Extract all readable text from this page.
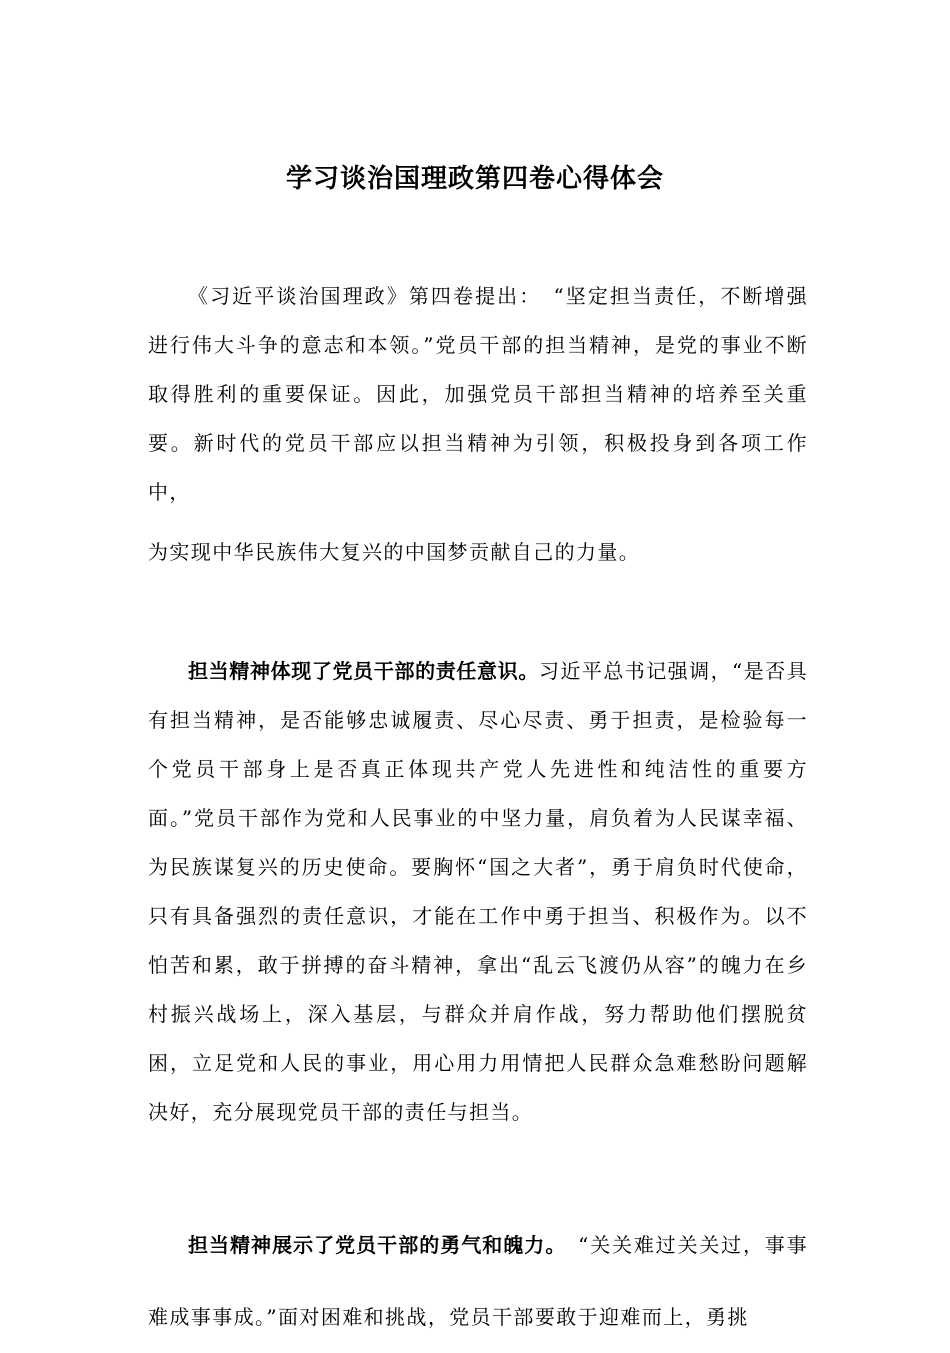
学习谈治国理政第四卷心得体会
《习近平谈治国理政》第四卷提出：　“坚定担当责任，不断增强进行伟大斗争的意志和本领。”党员干部的担当精神，是党的事业不断取得胜利的重要保证。因此，加强党员干部担当精神的培养至关重要。新时代的党员干部应以担当精神为引领，积极投身到各项工作中，
为实现中华民族伟大复兴的中国梦贡献自己的力量。
担当精神体现了党员干部的责任意识。习近平总书记强调，“是否具有担当精神，是否能够忠诚履责、尽心尽责、勇于担责，是检验每一个党员干部身上是否真正体现共产党人先进性和纯洁性的重要方面。”党员干部作为党和人民事业的中坚力量，肩负着为人民谋幸福、为民族谋复兴的历史使命。要胸怀“国之大者”，勇于肩负时代使命，只有具备强烈的责任意识，才能在工作中勇于担当、积极作为。以不怕苦和累，敢于拼搏的奋斗精神，拿出“乱云飞渡仍从容”的魄力在乡村振兴战场上，深入基层，与群众并肩作战，努力帮助他们摆脱贫困，立足党和人民的事业，用心用力用情把人民群众急难愁盼问题解决好，充分展现党员干部的责任与担当。
担当精神展示了党员干部的勇气和魄力。　“关关难过关关过，事事难成事事成。”面对困难和挑战，党员干部要敢于迎难而上，勇挑
